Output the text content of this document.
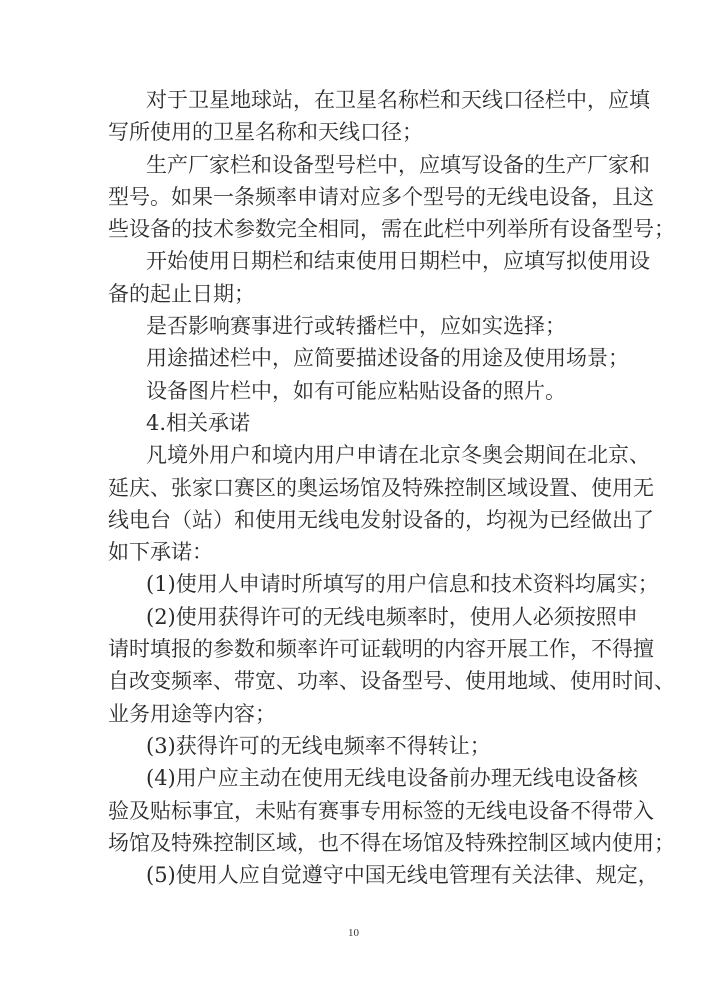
对于卫星地球站，在卫星名称栏和天线口径栏中，应填
写所使用的卫星名称和天线口径；
生产厂家栏和设备型号栏中，应填写设备的生产厂家和
型号。如果一条频率申请对应多个型号的无线电设备，且这
些设备的技术参数完全相同，需在此栏中列举所有设备型号；
开始使用日期栏和结束使用日期栏中，应填写拟使用设
备的起止日期；
是否影响赛事进行或转播栏中，应如实选择；
用途描述栏中，应简要描述设备的用途及使用场景；
设备图片栏中，如有可能应粘贴设备的照片。
4.相关承诺
凡境外用户和境内用户申请在北京冬奥会期间在北京、
延庆、张家口赛区的奥运场馆及特殊控制区域设置、使用无
线电台（站）和使用无线电发射设备的，均视为已经做出了
如下承诺：
(1)使用人申请时所填写的用户信息和技术资料均属实；
(2)使用获得许可的无线电频率时，使用人必须按照申
请时填报的参数和频率许可证载明的内容开展工作，不得擅
自改变频率、带宽、功率、设备型号、使用地域、使用时间、
业务用途等内容；
(3)获得许可的无线电频率不得转让；
(4)用户应主动在使用无线电设备前办理无线电设备核
验及贴标事宜，未贴有赛事专用标签的无线电设备不得带入
场馆及特殊控制区域，也不得在场馆及特殊控制区域内使用；
(5)使用人应自觉遵守中国无线电管理有关法律、规定，
10
